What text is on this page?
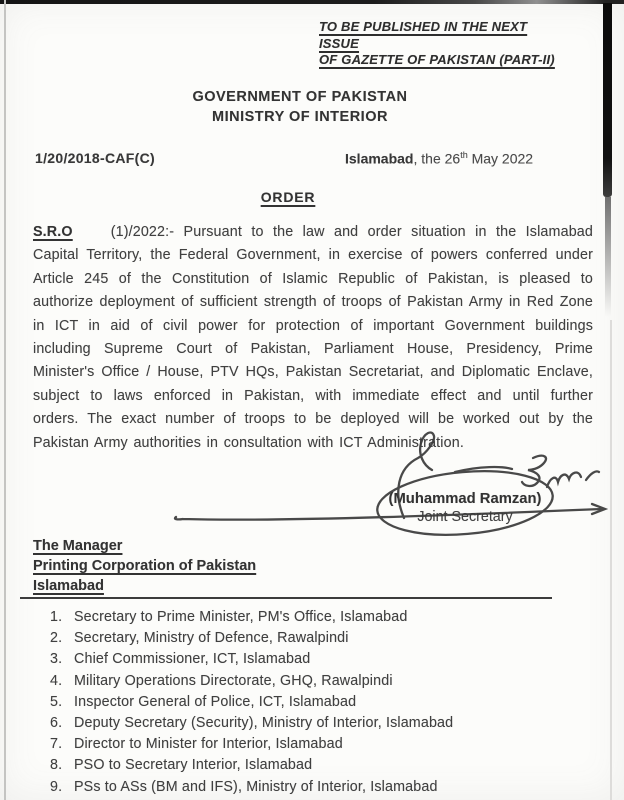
TO BE PUBLISHED IN THE NEXT ISSUE
OF GAZETTE OF PAKISTAN (PART-II)
GOVERNMENT OF PAKISTAN
MINISTRY OF INTERIOR
1/20/2018-CAF(C)	Islamabad, the 26th May 2022
ORDER
S.R.O	(1)/2022:- Pursuant to the law and order situation in the Islamabad
Capital Territory, the Federal Government, in exercise of powers conferred under
Article 245 of the Constitution of Islamic Republic of Pakistan, is pleased to
authorize deployment of sufficient strength of troops of Pakistan Army in Red Zone
in ICT in aid of civil power for protection of important Government buildings
including Supreme Court of Pakistan, Parliament House, Presidency, Prime
Minister's Office / House, PTV HQs, Pakistan Secretariat, and Diplomatic Enclave,
subject to laws enforced in Pakistan, with immediate effect and until further
orders. The exact number of troops to be deployed will be worked out by the
Pakistan Army authorities in consultation with ICT Administration.
(Muhammad Ramzan)
Joint Secretary
The Manager
Printing Corporation of Pakistan
Islamabad
1. Secretary to Prime Minister, PM's Office, Islamabad
2. Secretary, Ministry of Defence, Rawalpindi
3. Chief Commissioner, ICT, Islamabad
4. Military Operations Directorate, GHQ, Rawalpindi
5. Inspector General of Police, ICT, Islamabad
6. Deputy Secretary (Security), Ministry of Interior, Islamabad
7. Director to Minister for Interior, Islamabad
8. PSO to Secretary Interior, Islamabad
9. PSs to ASs (BM and IFS), Ministry of Interior, Islamabad
